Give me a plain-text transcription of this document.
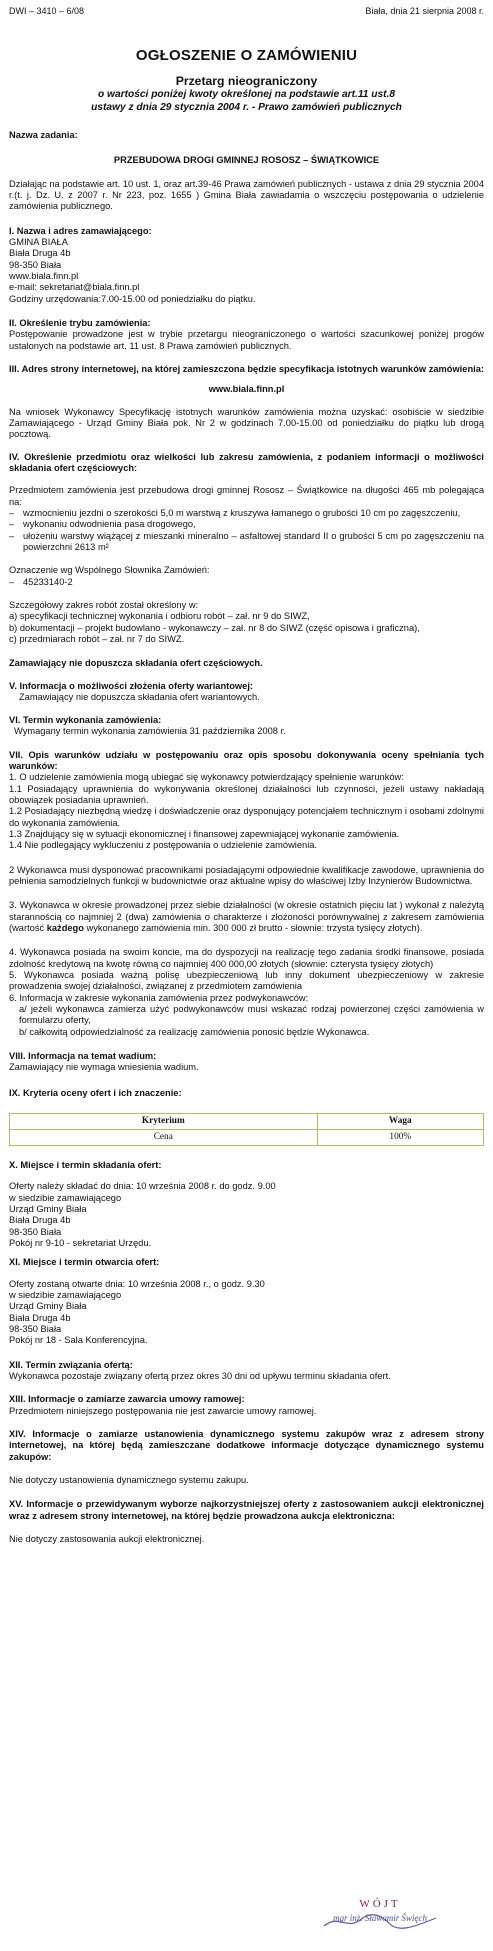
DWI – 3410 – 6/08	Biała, dnia 21 sierpnia 2008 r.
OGŁOSZENIE O ZAMÓWIENIU
Przetarg nieograniczony
o wartości poniżej kwoty określonej na podstawie art.11 ust.8
ustawy z dnia 29 stycznia 2004 r. - Prawo zamówień publicznych

Nazwa zadania:

PRZEBUDOWA DROGI GMINNEJ ROSOSZ – ŚWIĄTKOWICE

Działając na podstawie art. 10 ust. 1, oraz art.39-46 Prawa zamówień publicznych - ustawa z dnia 29 stycznia 2004 r.(t. j. Dz. U. z 2007 r. Nr 223, poz. 1655 ) Gmina Biała zawiadamia o wszczęciu postępowania o udzielenie zamówienia publicznego.

I. Nazwa i adres zamawiającego:

GMINA BIAŁA

Biała Druga 4b

98-350 Biała

www.biala.finn.pl

e-mail: sekretariat@biala.finn.pl

Godziny urzędowania:7.00-15.00 od poniedziałku do piątku.

II. Określenie trybu zamówienia:

Postępowanie prowadzone jest w trybie przetargu nieograniczonego o wartości szacunkowej poniżej progów ustalonych na podstawie art. 11 ust. 8 Prawa zamówień publicznych.

III. Adres strony internetowej, na której zamieszczona będzie specyfikacja istotnych warunków zamówienia:

www.biala.finn.pl

Na wniosek Wykonawcy Specyfikację istotnych warunków zamówienia można uzyskać: osobiście w siedzibie Zamawiającego - Urząd Gminy Biała pok. Nr 2 w godzinach 7.00-15.00 od poniedziałku do piątku lub drogą pocztową.

IV. Określenie przedmiotu oraz wielkości lub zakresu zamówienia, z podaniem informacji o możliwości składania ofert częściowych:

Przedmiotem zamówienia jest przebudowa drogi gminnej Rososz – Świątkowice na długości 465 mb polegająca na:

– wzmocnieniu jezdni o szerokości 5,0 m warstwą z kruszywa łamanego o grubości 10 cm po zagęszczeniu,
– wykonaniu odwodnienia pasa drogowego,
– ułożeniu warstwy wiążącej z mieszanki mineralno – asfaltowej standard II o grubości 5 cm po zagęszczeniu na powierzchni 2613 m²

Oznaczenie wg Wspólnego Słownika Zamówień:

– 45233140-2

Szczegółowy zakres robót został określony w:

a) specyfikacji technicznej wykonania i odbioru robót – zał. nr 9 do SIWZ,

b) dokumentacji – projekt budowlano - wykonawczy – zał. nr 8 do SIWZ (część opisowa i graficzna),

c) przedmiarach robót – zał. nr 7 do SIWZ.

Zamawiający nie dopuszcza składania ofert częściowych.

V. Informacja o możliwości złożenia oferty wariantowej:

Zamawiający nie dopuszcza składania ofert wariantowych.

VI. Termin wykonania zamówienia:

Wymagany termin wykonania zamówienia 31 października 2008 r.

VII. Opis warunków udziału w postępowaniu oraz opis sposobu dokonywania oceny spełniania tych warunków:

1. O udzielenie zamówienia mogą ubiegać się wykonawcy potwierdzający spełnienie warunków:

1.1 Posiadający uprawnienia do wykonywania określonej działalności lub czynności, jeżeli ustawy nakładają obowiązek posiadania uprawnień.

1.2 Posiadający niezbędną wiedzę i doświadczenie oraz dysponujący potencjałem technicznym i osobami zdolnymi do wykonania zamówienia.

1.3 Znajdujący się w sytuacji ekonomicznej i finansowej zapewniającej wykonanie zamówienia.

1.4 Nie podlegający wykluczeniu z postępowania o udzielenie zamówienia.

2 Wykonawca musi dysponować pracownikami posiadającymi odpowiednie kwalifikacje zawodowe, uprawnienia do pełnienia samodzielnych funkcji w budownictwie oraz aktualne wpisy do właściwej Izby Inżynierów Budownictwa.

3. Wykonawca w okresie prowadzonej przez siebie działalności (w okresie ostatnich pięciu lat ) wykonał z należytą starannością co najmniej 2 (dwa) zamówienia o charakterze i złożoności porównywalnej z zakresem zamówienia (wartość każdego wykonanego zamówienia min. 300 000 zł brutto - słownie: trzysta tysięcy złotych).

4. Wykonawca posiada na swoim koncie, ma do dyspozycji na realizację tego zadania środki finansowe, posiada zdolność kredytową na kwotę równą co najmniej 400 000,00 złotych (słownie: czterysta tysięcy złotych)

5. Wykonawca posiada ważną polisę ubezpieczeniową lub inny dokument ubezpieczeniowy w zakresie prowadzenia swojej działalności, związanej z przedmiotem zamówienia

6. Informacja w zakresie wykonania zamówienia przez podwykonawców:

a/ jeżeli wykonawca zamierza użyć podwykonawców musi wskazać rodzaj powierzonej części zamówienia w formularzu oferty,

b/ całkowitą odpowiedzialność za realizację zamówienia ponosić będzie Wykonawca.

VIII. Informacja na temat wadium:

Zamawiający nie wymaga wniesienia wadium.

IX. Kryteria oceny ofert i ich znaczenie:

Kryterium	Waga
Cena	100%

X. Miejsce i termin składania ofert:

Oferty należy składać do dnia: 10 września 2008 r. do godz. 9.00

w siedzibie zamawiającego

Urząd Gminy Biała

Biała Druga 4b

98-350 Biała

Pokój nr 9-10 - sekretariat Urzędu.

XI. Miejsce i termin otwarcia ofert:

Oferty zostaną otwarte dnia: 10 września 2008 r., o godz. 9.30

w siedzibie zamawiającego

Urząd Gminy Biała

Biała Druga 4b

98-350 Biała

Pokój nr 18 - Sala Konferencyjna.

XII. Termin związania ofertą:

Wykonawca pozostaje związany ofertą przez okres 30 dni od upływu terminu składania ofert.

XIII. Informacje o zamiarze zawarcia umowy ramowej:

Przedmiotem niniejszego postępowania nie jest zawarcie umowy ramowej.

XIV. Informacje o zamiarze ustanowienia dynamicznego systemu zakupów wraz z adresem strony internetowej, na której będą zamieszczane dodatkowe informacje dotyczące dynamicznego systemu zakupów:

Nie dotyczy ustanowienia dynamicznego systemu zakupu.

XV. Informacje o przewidywanym wyborze najkorzystniejszej oferty z zastosowaniem aukcji elektronicznej wraz z adresem strony internetowej, na której będzie prowadzona aukcja elektroniczna:

Nie dotyczy zastosowania aukcji elektronicznej.

WÓJT
mgr inż. Sławomir Święch
